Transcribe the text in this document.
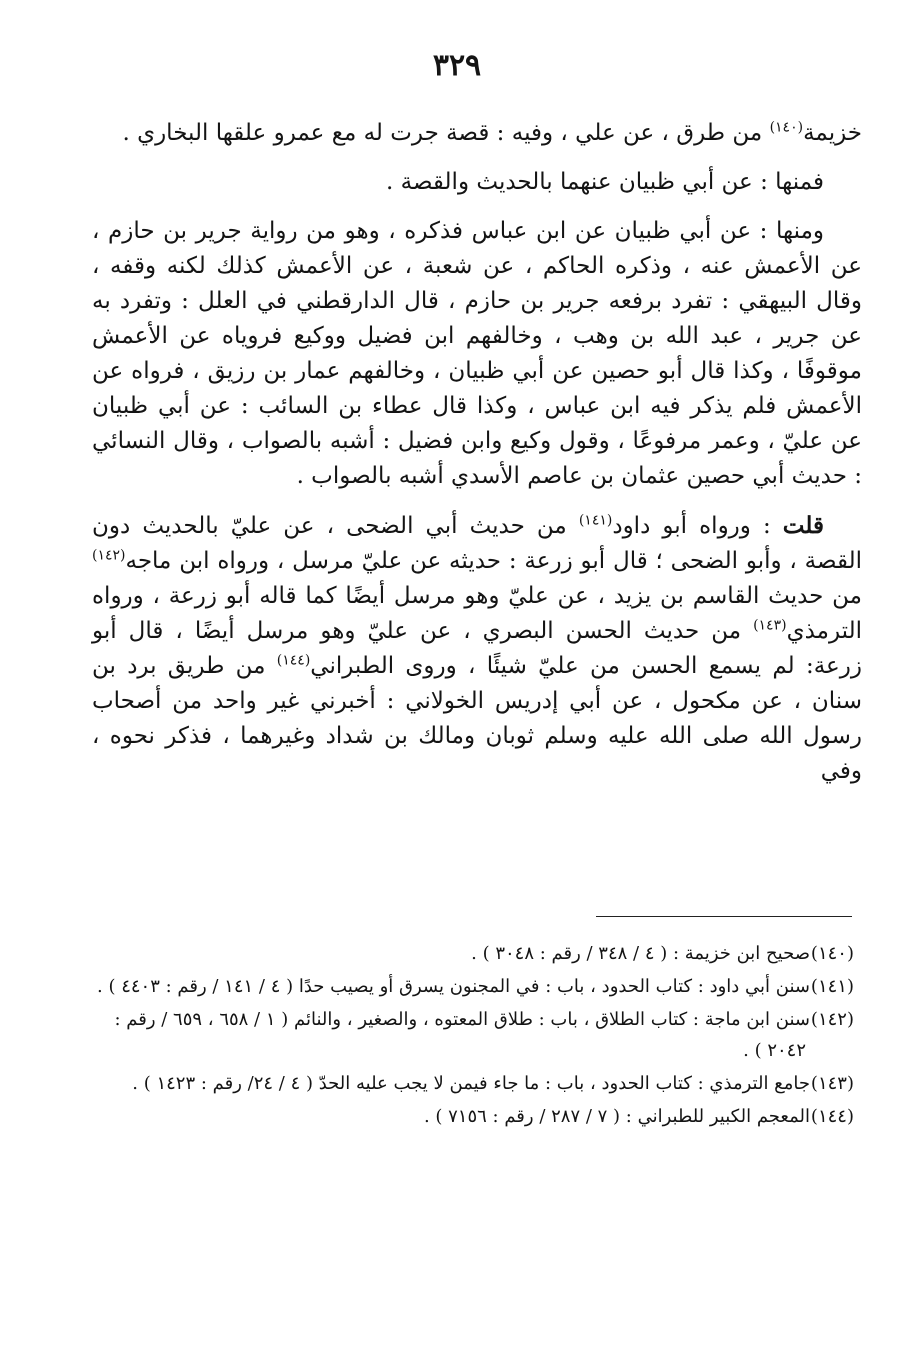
٣٢٩

خزيمة$^{(١٤٠)}$ من طرق ، عن علي ، وفيه : قصة جرت له مع عمرو علقها البخاري .

فمنها : عن أبي ظبيان عنهما بالحديث والقصة .

ومنها : عن أبي ظبيان عن ابن عباس فذكره ، وهو من رواية جرير بن حازم ، عن الأعمش عنه ، وذكره الحاكم ، عن شعبة ، عن الأعمش كذلك لكنه وقفه ، وقال البيهقي : تفرد برفعه جرير بن حازم ، قال الدارقطني في العلل : وتفرد به عن جرير ، عبد الله بن وهب ، وخالفهم ابن فضيل ووكيع فروياه عن الأعمش موقوفًا ، وكذا قال أبو حصين عن أبي ظبيان ، وخالفهم عمار بن رزيق ، فرواه عن الأعمش فلم يذكر فيه ابن عباس ، وكذا قال عطاء بن السائب : عن أبي ظبيان عن عليّ ، وعمر مرفوعًا ، وقول وكيع وابن فضيل : أشبه بالصواب ، وقال النسائي : حديث أبي حصين عثمان بن عاصم الأسدي أشبه بالصواب .

قلت : ورواه أبو داود$^{(١٤١)}$ من حديث أبي الضحى ، عن عليّ بالحديث دون القصة ، وأبو الضحى ؛ قال أبو زرعة : حديثه عن عليّ مرسل ، ورواه ابن ماجه$^{(١٤٢)}$ من حديث القاسم بن يزيد ، عن عليّ وهو مرسل أيضًا كما قاله أبو زرعة ، ورواه الترمذي$^{(١٤٣)}$ من حديث الحسن البصري ، عن عليّ وهو مرسل أيضًا ، قال أبو زرعة: لم يسمع الحسن من عليّ شيئًا ، وروى الطبراني$^{(١٤٤)}$ من طريق برد بن سنان ، عن مكحول ، عن أبي إدريس الخولاني : أخبرني غير واحد من أصحاب رسول الله صلى الله عليه وسلم ثوبان ومالك بن شداد وغيرهما ، فذكر نحوه ، وفي

(١٤٠)صحيح ابن خزيمة : ( ٤ / ٣٤٨ / رقم : ٣٠٤٨ ) .

(١٤١)سنن أبي داود : كتاب الحدود ، باب : في المجنون يسرق أو يصيب حدًا ( ٤ / ١٤١ / رقم : ٤٤٠٣ ) .

(١٤٢)سنن ابن ماجة : كتاب الطلاق ، باب : طلاق المعتوه ، والصغير ، والنائم ( ١ / ٦٥٨ ، ٦٥٩ / رقم : ٢٠٤٢ ) .

(١٤٣)جامع الترمذي : كتاب الحدود ، باب : ما جاء فيمن لا يجب عليه الحدّ ( ٤ / ٢٤/ رقم : ١٤٢٣ ) .

(١٤٤)المعجم الكبير للطبراني : ( ٧ / ٢٨٧ / رقم : ٧١٥٦ ) .
